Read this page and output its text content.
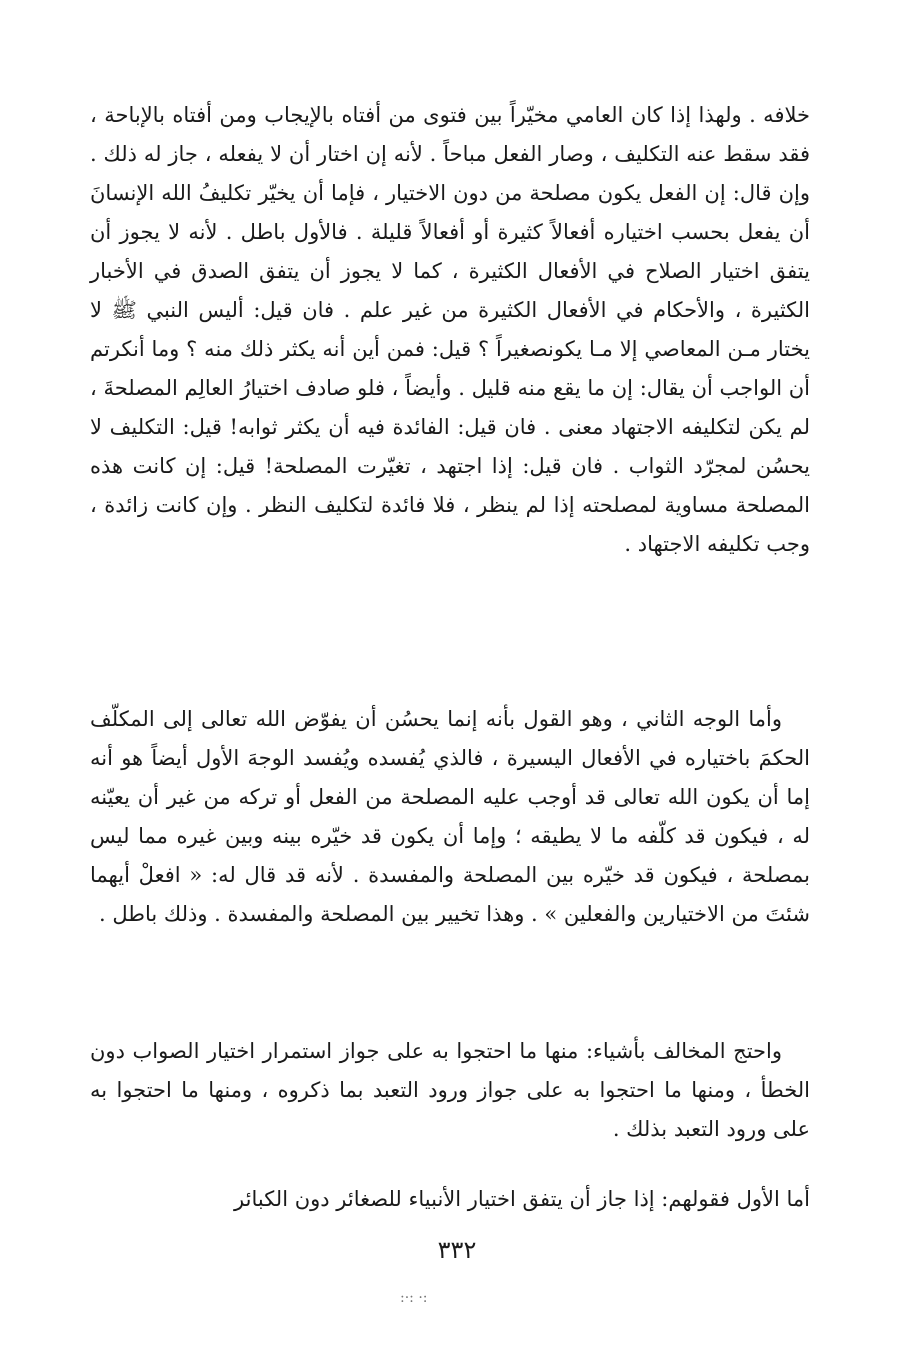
خلافه . ولهذا إذا كان العامي مخيّراً بين فتوى من أفتاه بالإيجاب ومن أفتاه بالإباحة ، فقد سقط عنه التكليف ، وصار الفعل مباحاً . لأنه إن اختار أن لا يفعله ، جاز له ذلك . وإن قال: إن الفعل يكون مصلحة من دون الاختيار ، فإما أن يخيّر تكليفُ الله الإنسانَ أن يفعل بحسب اختياره أفعالاً كثيرة أو أفعالاً قليلة . فالأول باطل . لأنه لا يجوز أن يتفق اختيار الصلاح في الأفعال الكثيرة ، كما لا يجوز أن يتفق الصدق في الأخبار الكثيرة ، والأحكام في الأفعال الكثيرة من غير علم . فان قيل: أليس النبي ﷺ لا يختار مـن المعاصي إلا مـا يكونصغيراً ؟ قيل: فمن أين أنه يكثر ذلك منه ؟ وما أنكرتم أن الواجب أن يقال: إن ما يقع منه قليل . وأيضاً ، فلو صادف اختيارُ العالِم المصلحةَ ، لم يكن لتكليفه الاجتهاد معنى . فان قيل: الفائدة فيه أن يكثر ثوابه! قيل: التكليف لا يحسُن لمجرّد الثواب . فان قيل: إذا اجتهد ، تغيّرت المصلحة! قيل: إن كانت هذه المصلحة مساوية لمصلحته إذا لم ينظر ، فلا فائدة لتكليف النظر . وإن كانت زائدة ، وجب تكليفه الاجتهاد .

وأما الوجه الثاني ، وهو القول بأنه إنما يحسُن أن يفوّض الله تعالى إلى المكلّف الحكمَ باختياره في الأفعال اليسيرة ، فالذي يُفسده ويُفسد الوجهَ الأول أيضاً هو أنه إما أن يكون الله تعالى قد أوجب عليه المصلحة من الفعل أو تركه من غير أن يعيّنه له ، فيكون قد كلّفه ما لا يطيقه ؛ وإما أن يكون قد خيّره بينه وبين غيره مما ليس بمصلحة ، فيكون قد خيّره بين المصلحة والمفسدة . لأنه قد قال له: « افعلْ أيهما شئتَ من الاختيارين والفعلين » . وهذا تخيير بين المصلحة والمفسدة . وذلك باطل .

واحتج المخالف بأشياء: منها ما احتجوا به على جواز استمرار اختيار الصواب دون الخطأ ، ومنها ما احتجوا به على جواز ورود التعبد بما ذكروه ، ومنها ما احتجوا به على ورود التعبد بذلك .

أما الأول فقولهم: إذا جاز أن يتفق اختيار الأنبياء للصغائر دون الكبائر

٣٣٢
:·: ·:
